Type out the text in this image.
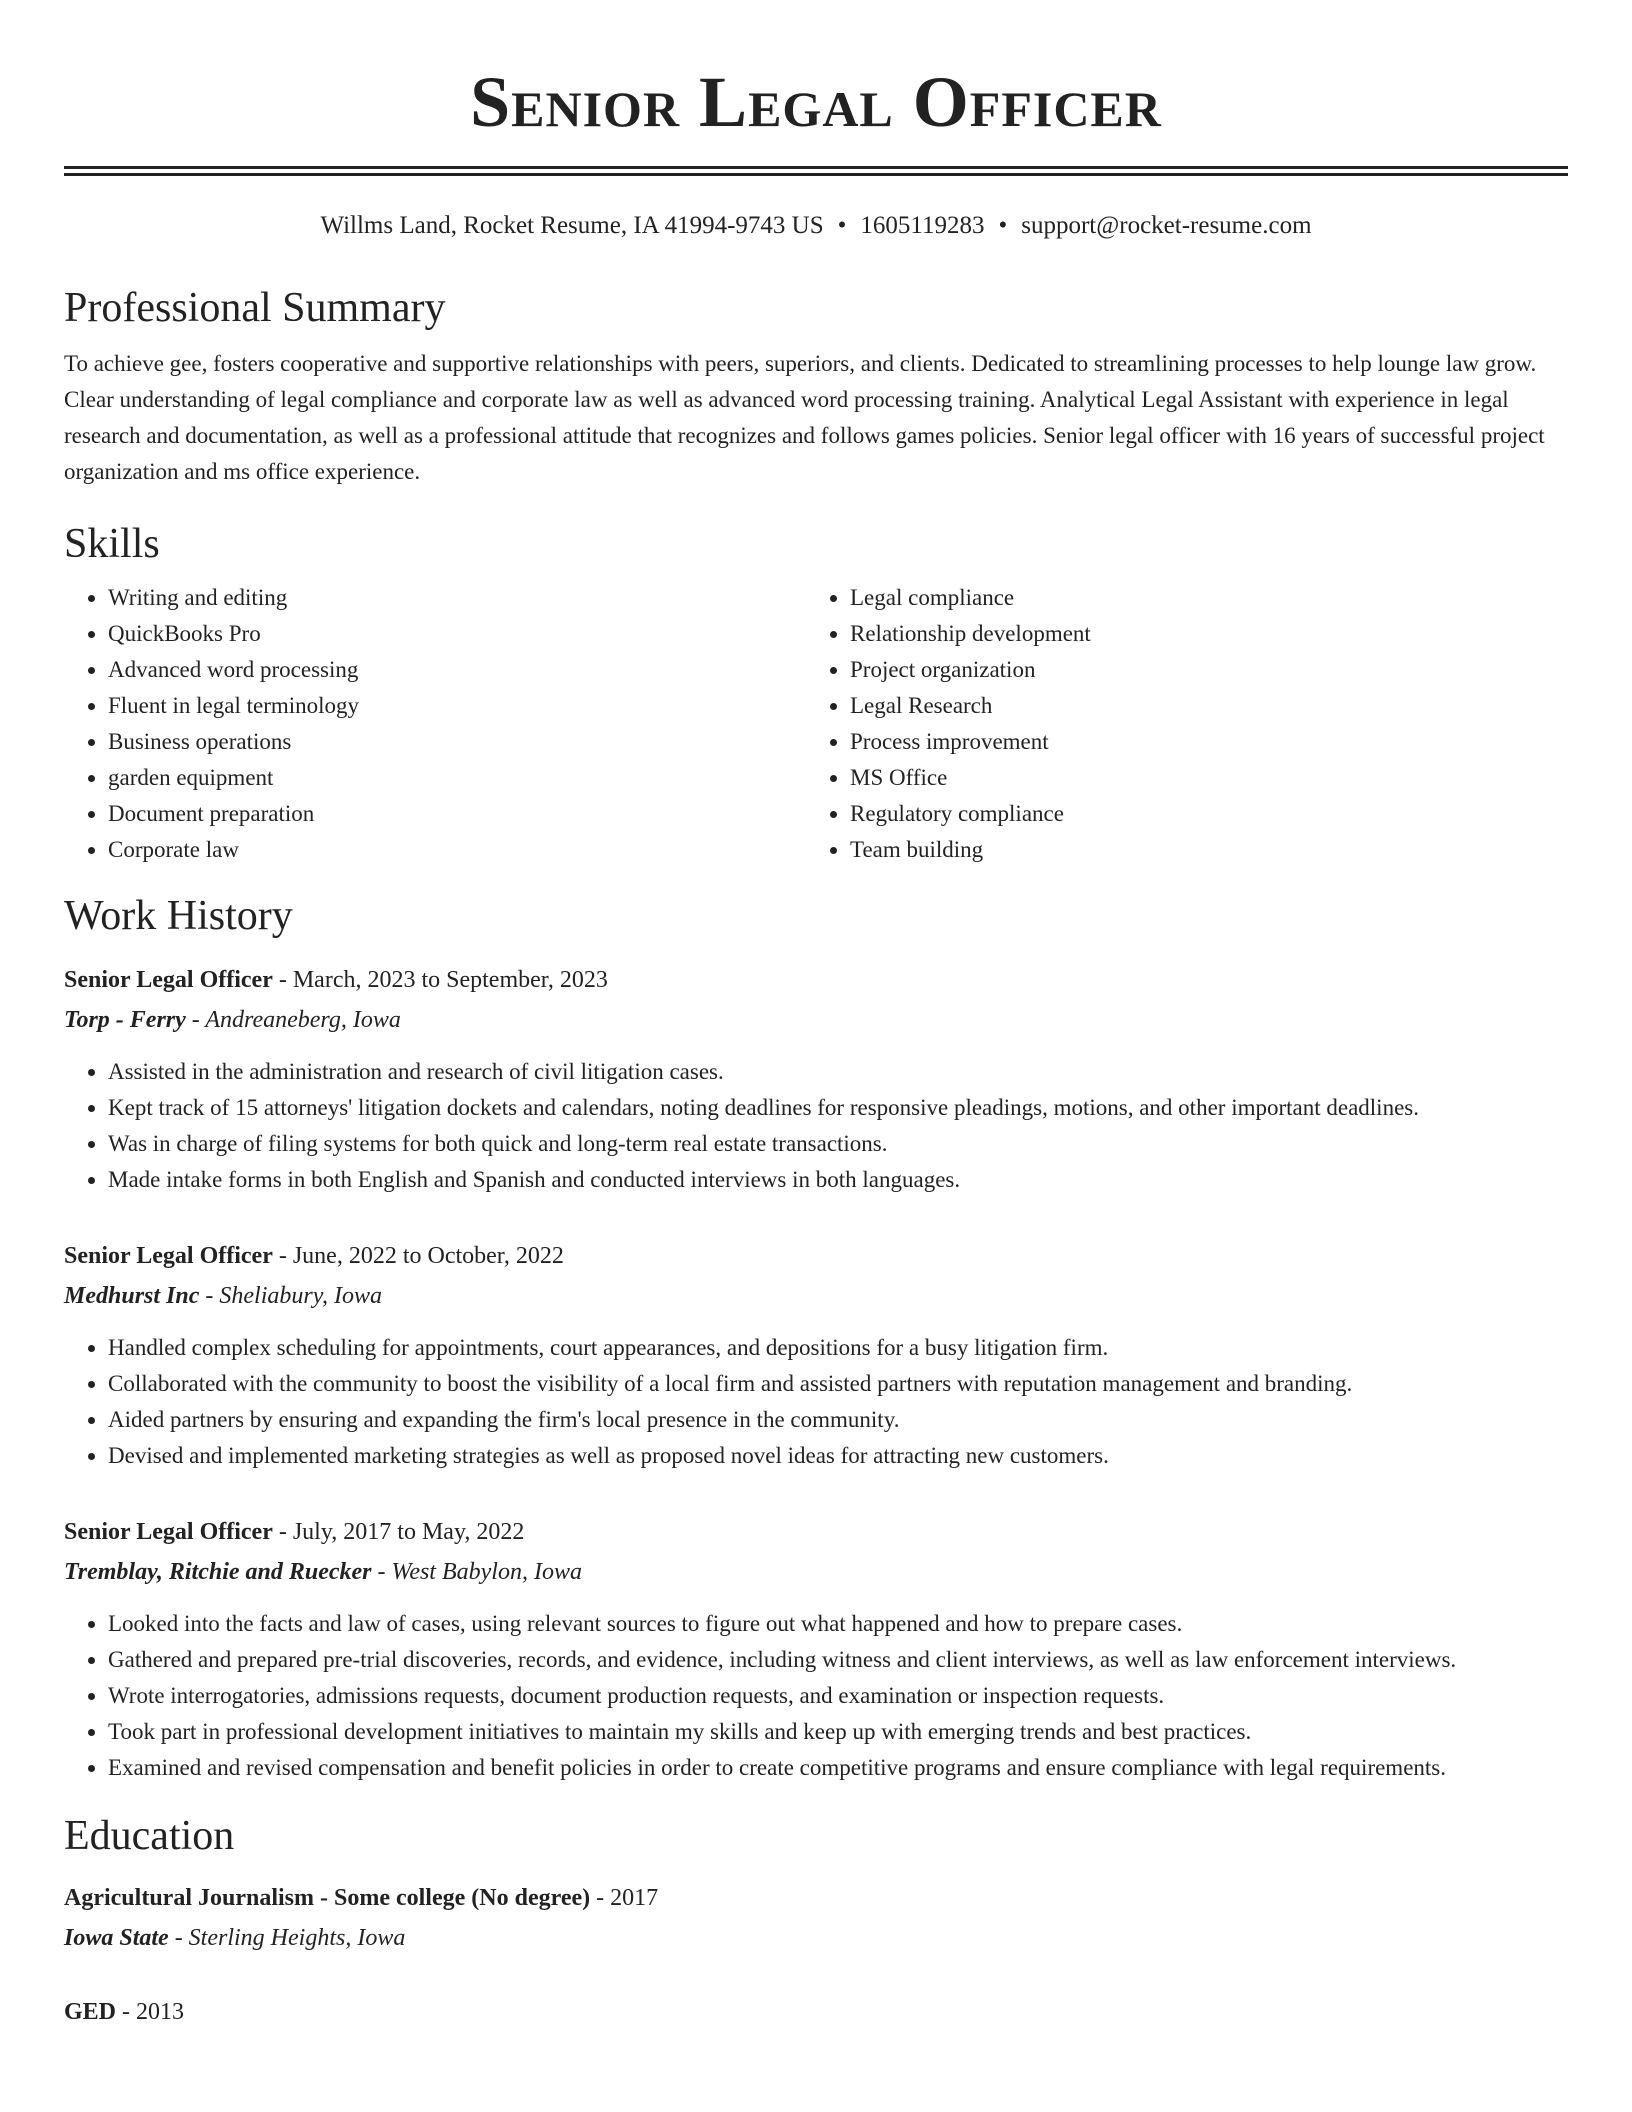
Senior Legal Officer
Willms Land, Rocket Resume, IA 41994-9743 US • 1605119283 • support@rocket-resume.com
Professional Summary

To achieve gee, fosters cooperative and supportive relationships with peers, superiors, and clients. Dedicated to streamlining processes to help lounge law grow. Clear understanding of legal compliance and corporate law as well as advanced word processing training. Analytical Legal Assistant with experience in legal research and documentation, as well as a professional attitude that recognizes and follows games policies. Senior legal officer with 16 years of successful project organization and ms office experience.

Skills
• Writing and editing
• QuickBooks Pro
• Advanced word processing
• Fluent in legal terminology
• Business operations
• garden equipment
• Document preparation
• Corporate law
• Legal compliance
• Relationship development
• Project organization
• Legal Research
• Process improvement
• MS Office
• Regulatory compliance
• Team building
Work History
Senior Legal Officer - March, 2023 to September, 2023
Torp - Ferry - Andreaneberg, Iowa
• Assisted in the administration and research of civil litigation cases.
• Kept track of 15 attorneys' litigation dockets and calendars, noting deadlines for responsive pleadings, motions, and other important deadlines.
• Was in charge of filing systems for both quick and long-term real estate transactions.
• Made intake forms in both English and Spanish and conducted interviews in both languages.
Senior Legal Officer - June, 2022 to October, 2022
Medhurst Inc - Sheliabury, Iowa
• Handled complex scheduling for appointments, court appearances, and depositions for a busy litigation firm.
• Collaborated with the community to boost the visibility of a local firm and assisted partners with reputation management and branding.
• Aided partners by ensuring and expanding the firm's local presence in the community.
• Devised and implemented marketing strategies as well as proposed novel ideas for attracting new customers.
Senior Legal Officer - July, 2017 to May, 2022
Tremblay, Ritchie and Ruecker - West Babylon, Iowa
• Looked into the facts and law of cases, using relevant sources to figure out what happened and how to prepare cases.
• Gathered and prepared pre-trial discoveries, records, and evidence, including witness and client interviews, as well as law enforcement interviews.
• Wrote interrogatories, admissions requests, document production requests, and examination or inspection requests.
• Took part in professional development initiatives to maintain my skills and keep up with emerging trends and best practices.
• Examined and revised compensation and benefit policies in order to create competitive programs and ensure compliance with legal requirements.
Education
Agricultural Journalism - Some college (No degree) - 2017
Iowa State - Sterling Heights, Iowa
GED - 2013
